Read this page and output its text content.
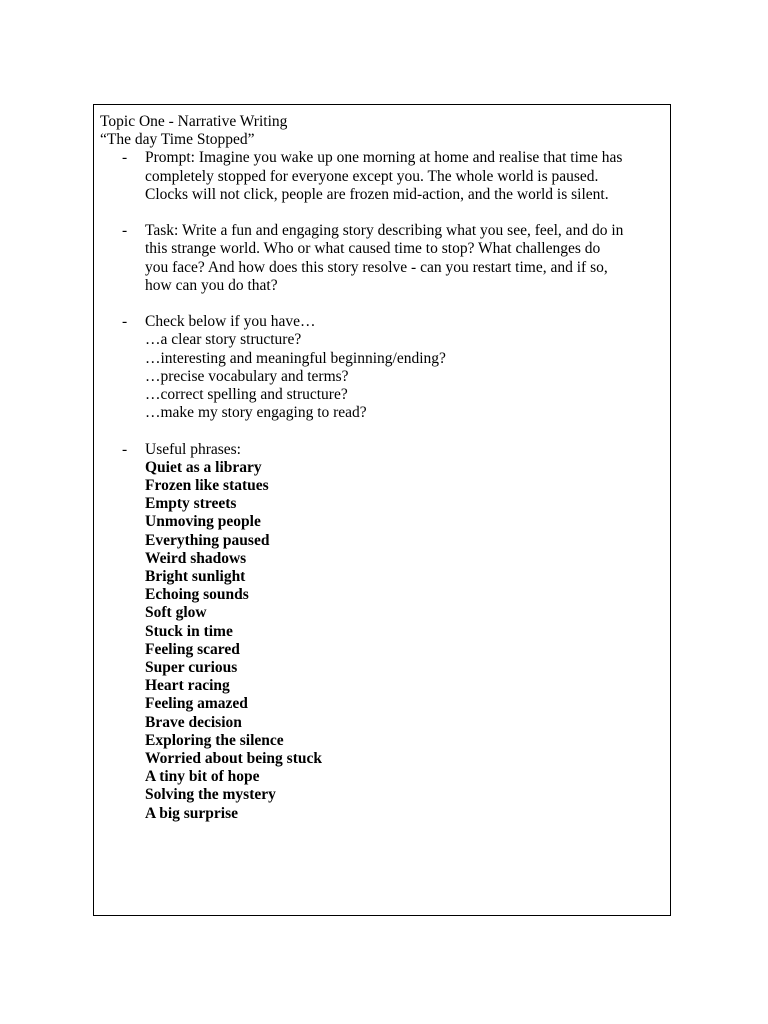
Topic One - Narrative Writing
“The day Time Stopped”
- Prompt: Imagine you wake up one morning at home and realise that time has
completely stopped for everyone except you. The whole world is paused.
Clocks will not click, people are frozen mid-action, and the world is silent.
- Task: Write a fun and engaging story describing what you see, feel, and do in
this strange world. Who or what caused time to stop? What challenges do
you face? And how does this story resolve - can you restart time, and if so,
how can you do that?
- Check below if you have…
…a clear story structure?
…interesting and meaningful beginning/ending?
…precise vocabulary and terms?
…correct spelling and structure?
…make my story engaging to read?
- Useful phrases:
Quiet as a library
Frozen like statues
Empty streets
Unmoving people
Everything paused
Weird shadows
Bright sunlight
Echoing sounds
Soft glow
Stuck in time
Feeling scared
Super curious
Heart racing
Feeling amazed
Brave decision
Exploring the silence
Worried about being stuck
A tiny bit of hope
Solving the mystery
A big surprise
